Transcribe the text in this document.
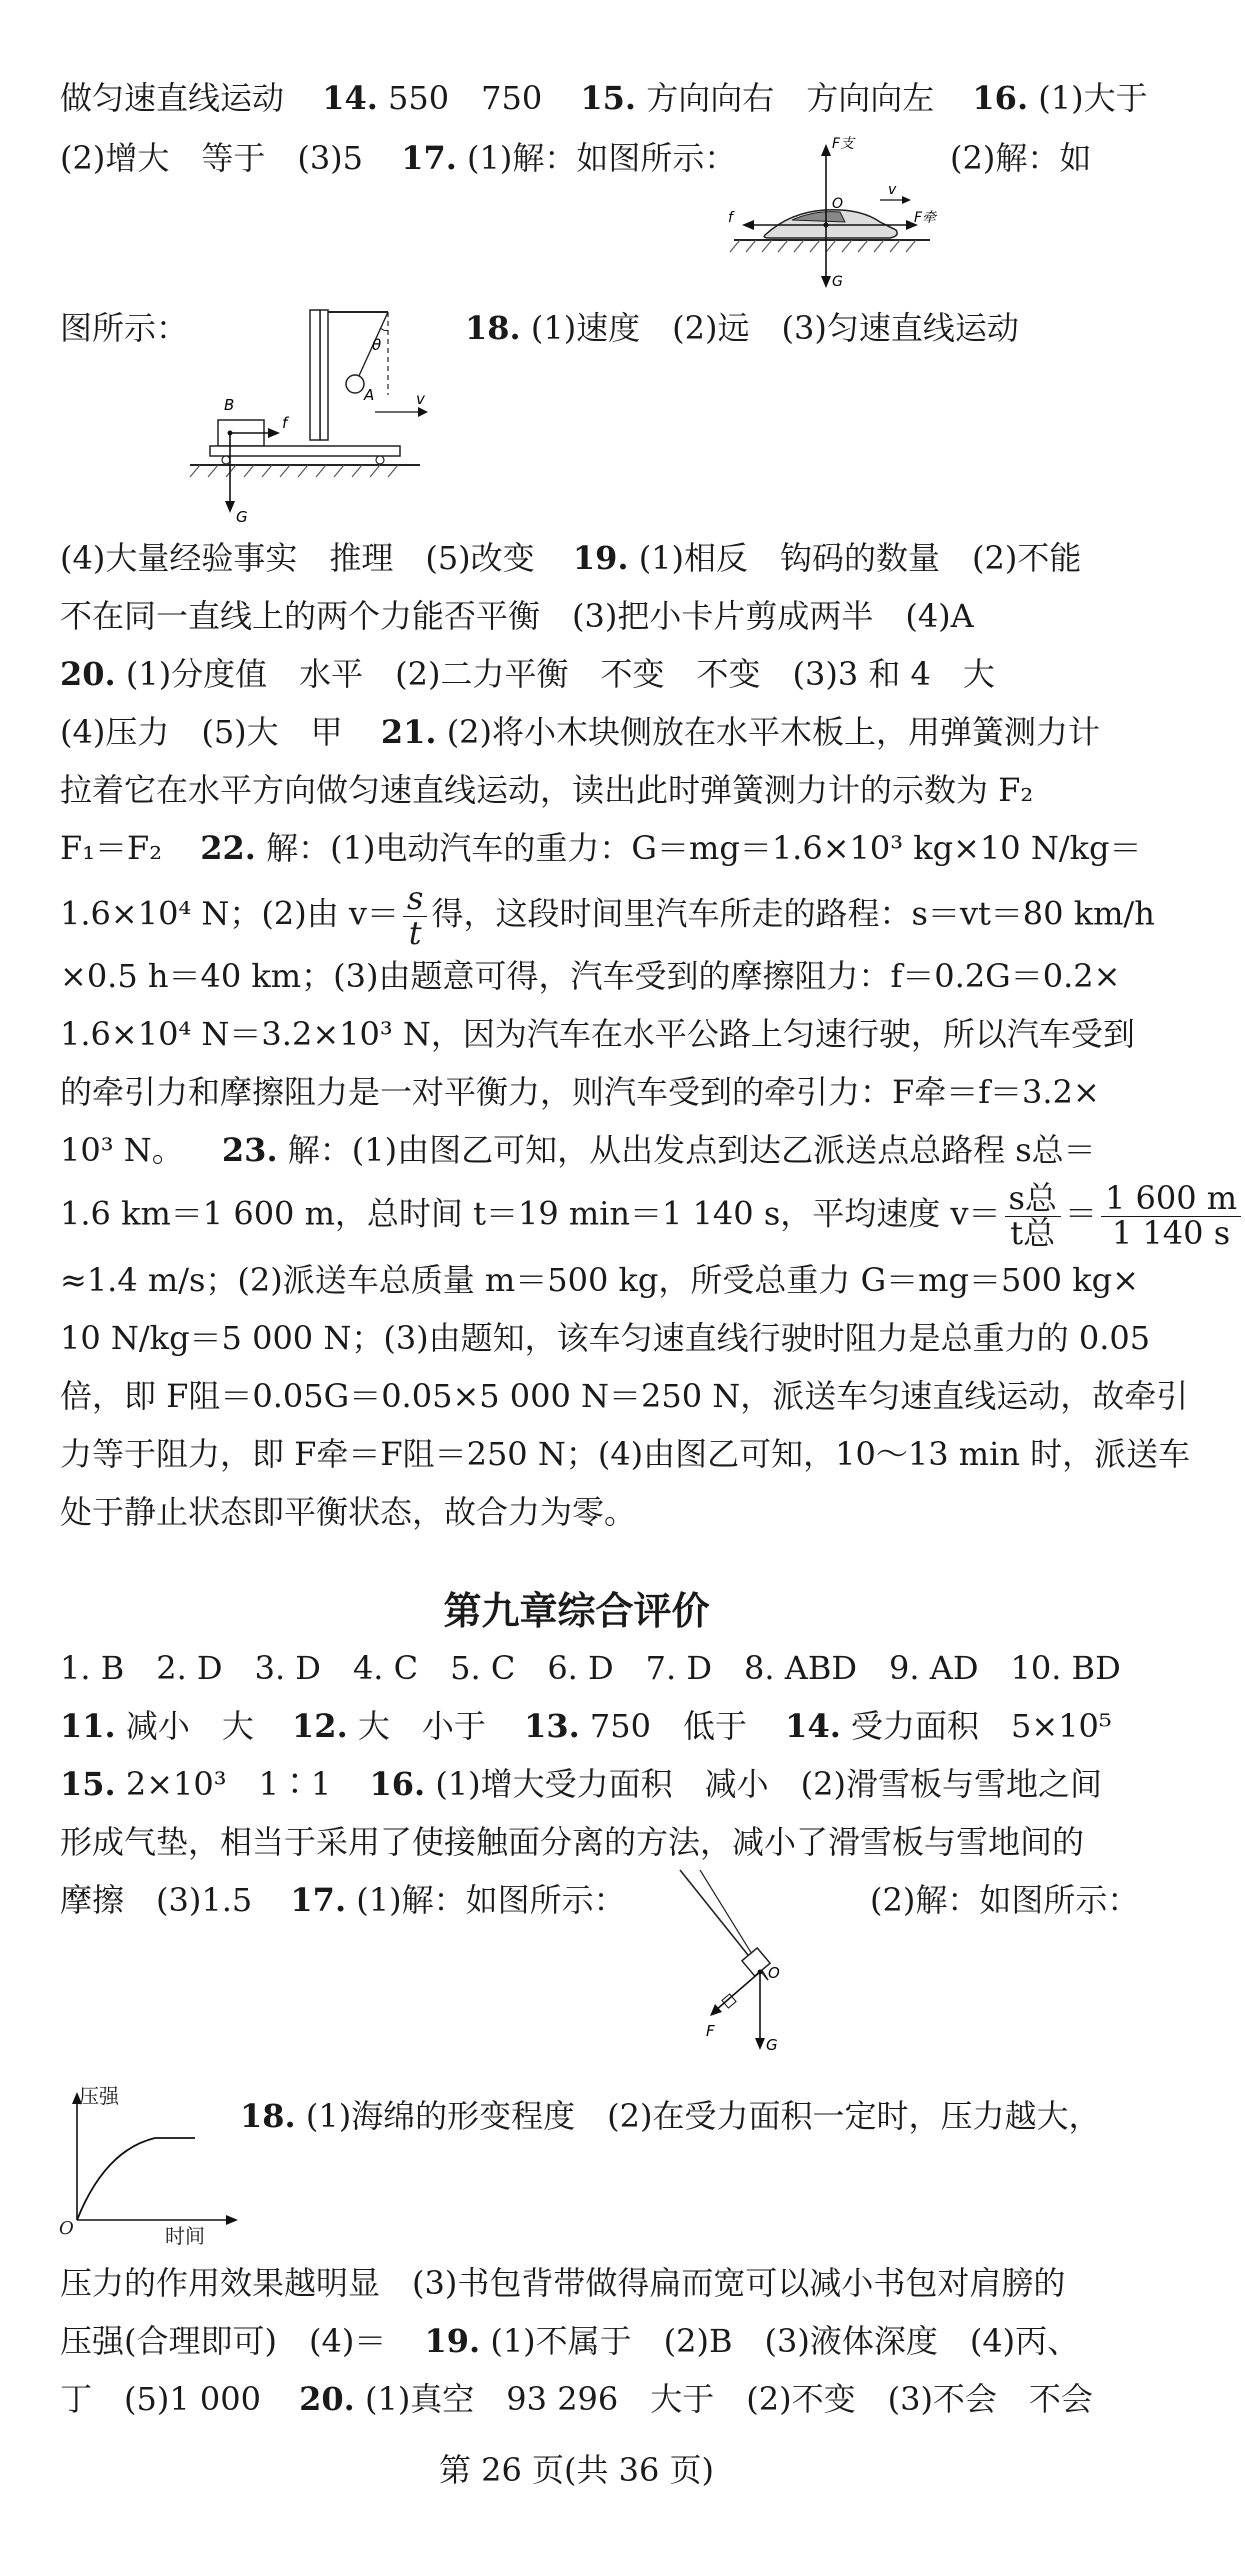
做匀速直线运动 14. 550　750 15. 方向向右　方向向左 16. (1)大于
(2)增大　等于　(3)5 17. (1)解：如图所示：	(2)解：如
F支
O
v
f	F牵
G
图所示：	18. (1)速度　(2)远　(3)匀速直线运动
θ
A
B
f
G
v
(4)大量经验事实　推理　(5)改变 19. (1)相反　钩码的数量　(2)不能
不在同一直线上的两个力能否平衡　(3)把小卡片剪成两半　(4)A
20. (1)分度值　水平　(2)二力平衡　不变　不变　(3)3 和 4　大
(4)压力　(5)大　甲 21. (2)将小木块侧放在水平木板上，用弹簧测力计
拉着它在水平方向做匀速直线运动，读出此时弹簧测力计的示数为 F₂
F₁＝F₂ 22. 解：(1)电动汽车的重力：G＝mg＝1.6×10³ kg×10 N/kg＝
1.6×10⁴ N；(2)由 $v= \frac{s}{t}$ 得，这段时间里汽车所走的路程：s＝vt＝80 km/h
×0.5 h＝40 km；(3)由题意可得，汽车受到的摩擦阻力：f＝0.2G＝0.2×
1.6×10⁴ N＝3.2×10³ N，因为汽车在水平公路上匀速行驶，所以汽车受到
的牵引力和摩擦阻力是一对平衡力，则汽车受到的牵引力：F牵＝f＝3.2×
10³ N。 23. 解：(1)由图乙可知，从出发点到达乙派送点总路程 s总＝
1.6 km＝1 600 m，总时间 t＝19 min＝1 140 s，平均速度 $v= \frac{\text{s总}}{\text{t总}} = \frac{1 600 m}{1 140 s}$
≈1.4 m/s；(2)派送车总质量 m＝500 kg，所受总重力 G＝mg＝500 kg×
10 N/kg＝5 000 N；(3)由题知，该车匀速直线行驶时阻力是总重力的 0.05
倍，即 F阻＝0.05G＝0.05×5 000 N＝250 N，派送车匀速直线运动，故牵引
力等于阻力，即 F牵＝F阻＝250 N；(4)由图乙可知，10～13 min 时，派送车
处于静止状态即平衡状态，故合力为零。
第九章综合评价
1. B　2. D　3. D　4. C　5. C　6. D　7. D　8. ABD　9. AD　10. BD
11. 减小　大 12. 大　小于 13. 750　低于 14. 受力面积　5×10⁵
15. 2×10³　1∶1 16. (1)增大受力面积　减小　(2)滑雪板与雪地之间
形成气垫，相当于采用了使接触面分离的方法，减小了滑雪板与雪地间的
摩擦　(3)1.5 17. (1)解：如图所示：	(2)解：如图所示：
O
F
G
压强
O	时间
18. (1)海绵的形变程度　(2)在受力面积一定时，压力越大，
压力的作用效果越明显　(3)书包背带做得扁而宽可以减小书包对肩膀的
压强(合理即可)　(4)＝ 19. (1)不属于　(2)B　(3)液体深度　(4)丙、
丁　(5)1 000 20. (1)真空　93 296　大于　(2)不变　(3)不会　不会
第 26 页(共 36 页)
